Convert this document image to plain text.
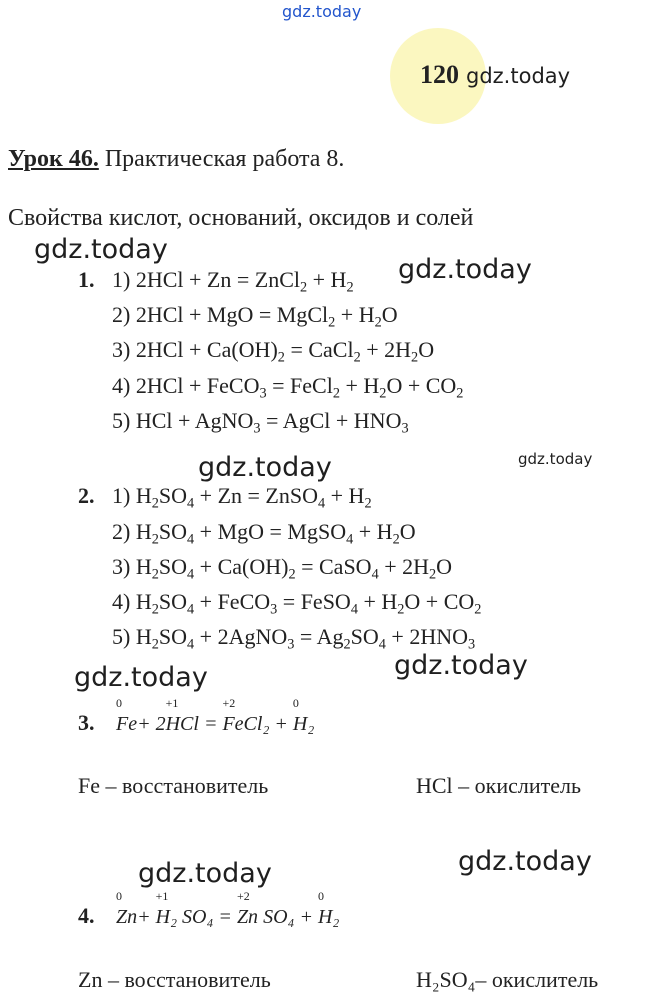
gdz.today
120 gdz.today
Урок 46. Практическая работа 8.
Свойства кислот, оснований, оксидов и солей
gdz.today
gdz.today
1. 1) 2HCl + Zn = ZnCl$_2$ + $H_2$
2) 2HCl + MgO = MgCl$_2$ + $H_2O$
3) $2HCl + Ca(OH)_2$ = CaCl$_2$ + $2H_2O$
4) 2HCl + FeCO$_3$ = FeCl$_2$ + $H_2O + CO_2$
5) HCl + AgNO$_3$ = AgCl + $HNO_3$
gdz.today
gdz.today
2. 1) $H_2SO_4 + Zn$ = ZnSO$_4$ + $H_2$
2) $H_2SO_4$ + MgO = MgSO$_4$ + $H_2O$
3) $H_2SO_4 + Ca(OH)_2$ = CaSO$_4$ + $2H_2O$
4) $H_2SO_4$ + FeCO$_3$ = FeSO$_4$ + $H_2O + CO_2$
5) $H_2SO_4$ + 2AgNO$_3$ = $Ag_2SO_4 + 2HNO_3$
gdz.today
gdz.today
3.
0
Fe+ 2
+1
HCl =
+2
FeCl₂ +
0
H₂
Fe – восстановитель	HCl – окислитель
gdz.today
gdz.today
4.
0
Zn+
+1
H₂ SO₄ =
+2
Zn SO₄ +
0
H₂
Zn – восстановитель	H₂SO₄– окислитель
